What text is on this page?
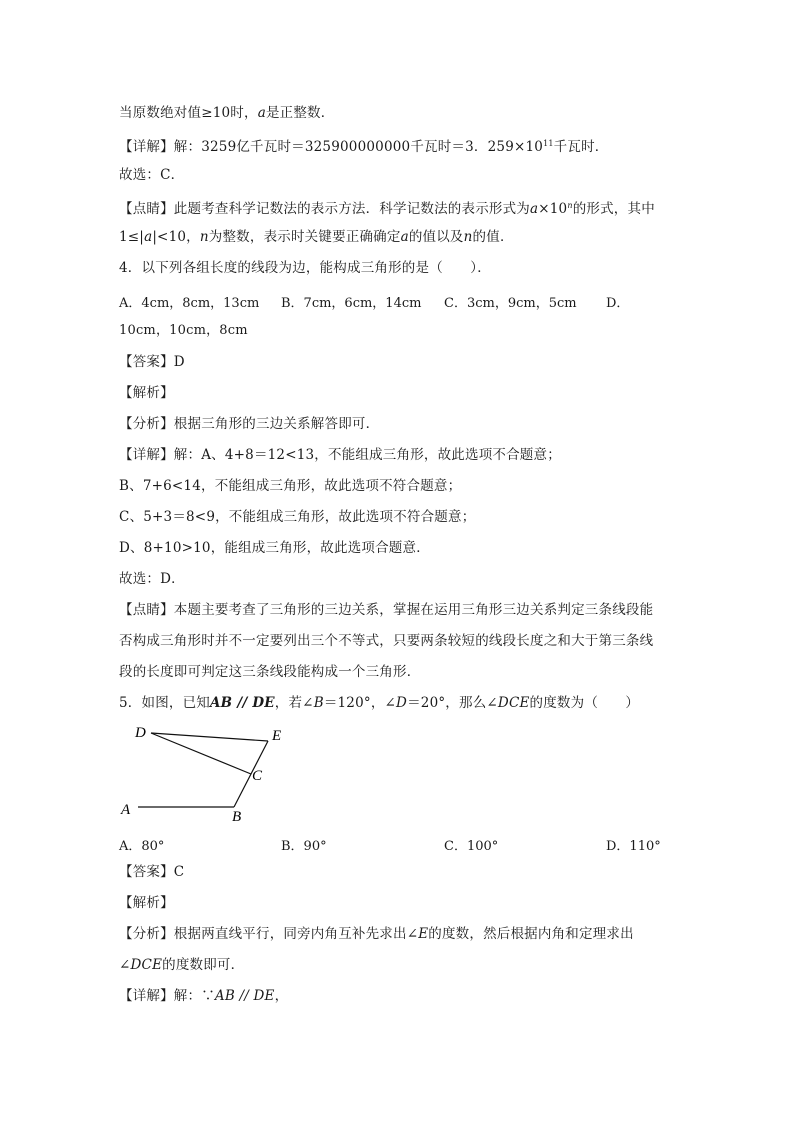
当原数绝对值≥10时，a是正整数．
【详解】解：3259亿千瓦时＝325900000000千瓦时＝3．$259\times 10^{11}$千瓦时．
故选：C．
【点睛】此题考查科学记数法的表示方法．科学记数法的表示形式为$a\times 10^n$的形式，其中
1≤|a|<10，n为整数，表示时关键要正确确定a的值以及n的值．
4．以下列各组长度的线段为边，能构成三角形的是（　　）．
A．4cm，8cm，13cm B．7cm，6cm，14cm C．3cm，9cm，5cm D．
10cm，10cm，8cm
【答案】D
【解析】
【分析】根据三角形的三边关系解答即可．
【详解】解：A、4+8＝12<13，不能组成三角形，故此选项不合题意；
B、7+6<14，不能组成三角形，故此选项不符合题意；
C、5+3＝8<9，不能组成三角形，故此选项不符合题意；
D、8+10>10，能组成三角形，故此选项合题意．
故选：D．
【点睛】本题主要考查了三角形的三边关系，掌握在运用三角形三边关系判定三条线段能
否构成三角形时并不一定要列出三个不等式，只要两条较短的线段长度之和大于第三条线
段的长度即可判定这三条线段能构成一个三角形．
5．如图，已知AB // DE，若∠B＝120°，∠D＝20°，那么∠DCE的度数为（　　）
D	E
C
A	B
A．80°	B．90°	C．100°	D．110°
【答案】C
【解析】
【分析】根据两直线平行，同旁内角互补先求出∠E的度数，然后根据内角和定理求出
∠DCE的度数即可．
【详解】解：∵AB // DE，
